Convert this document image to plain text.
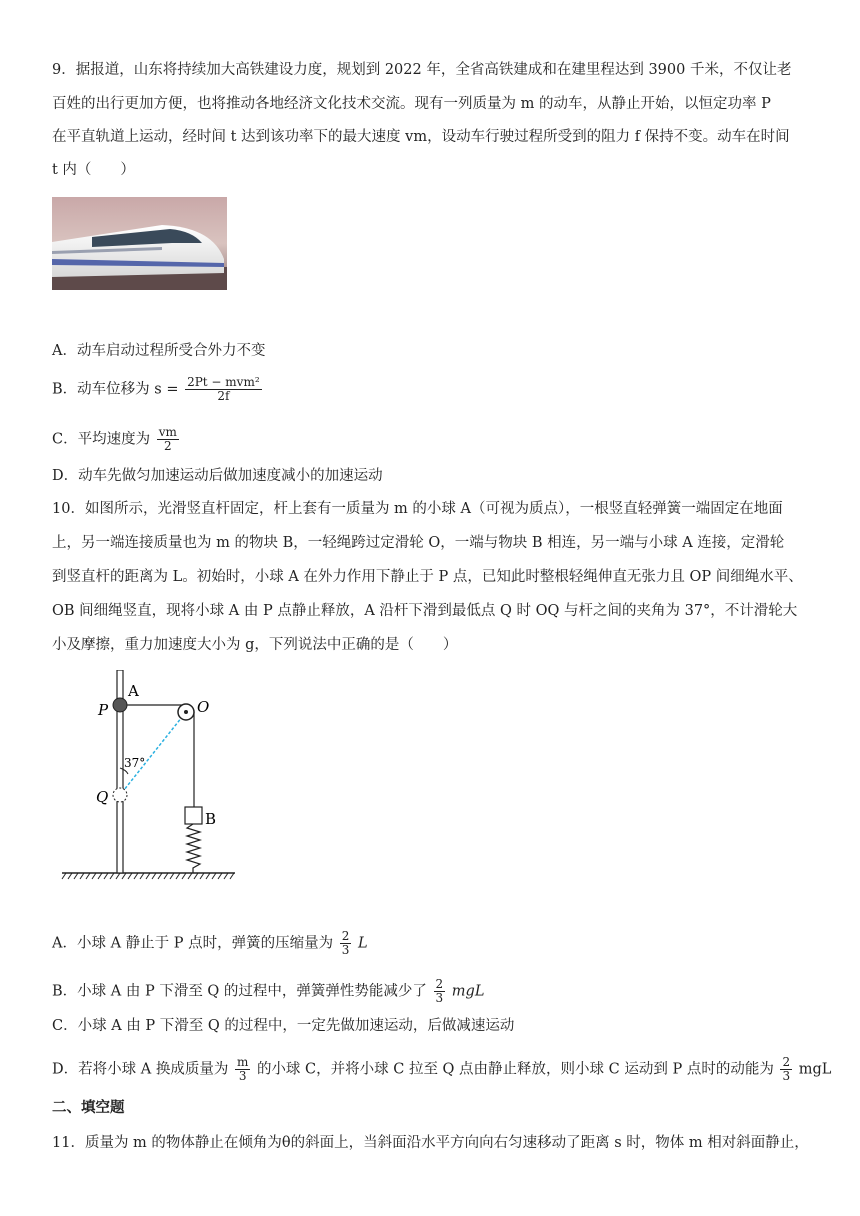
9．据报道，山东将持续加大高铁建设力度，规划到 2022 年，全省高铁建成和在建里程达到 3900 千米，不仅让老
百姓的出行更加方便，也将推动各地经济文化技术交流。现有一列质量为 m 的动车，从静止开始，以恒定功率 P
在平直轨道上运动，经时间 t 达到该功率下的最大速度 vm，设动车行驶过程所受到的阻力 f 保持不变。动车在时间
t 内（　　）
A．动车启动过程所受合外力不变
B．动车位移为 $s = \frac{\text{2Pt − mvm²}}{2f}$
C．平均速度为 $\frac{vm}{2}$
D．动车先做匀加速运动后做加速度减小的加速运动
10．如图所示，光滑竖直杆固定，杆上套有一质量为 m 的小球 A（可视为质点），一根竖直轻弹簧一端固定在地面
上，另一端连接质量也为 m 的物块 B，一轻绳跨过定滑轮 O，一端与物块 B 相连，另一端与小球 A 连接，定滑轮
到竖直杆的距离为 L。初始时，小球 A 在外力作用下静止于 P 点，已知此时整根轻绳伸直无张力且 OP 间细绳水平、
OB 间细绳竖直，现将小球 A 由 P 点静止释放，A 沿杆下滑到最低点 Q 时 OQ 与杆之间的夹角为 37°，不计滑轮大
小及摩擦，重力加速度大小为 g，下列说法中正确的是（　　）
A
P	O
37°
Q
B
A．小球 A 静止于 P 点时，弹簧的压缩量为 $\frac{2}{3}$ L
B．小球 A 由 P 下滑至 Q 的过程中，弹簧弹性势能减少了 $\frac{2}{3}$ mgL
C．小球 A 由 P 下滑至 Q 的过程中，一定先做加速运动，后做减速运动
D．若将小球 A 换成质量为 $\frac{m}{3}$ 的小球 C，并将小球 C 拉至 Q 点由静止释放，则小球 C 运动到 P 点时的动能为 $\frac{2}{3}$ mgL
二、填空题
11．质量为 m 的物体静止在倾角为θ的斜面上，当斜面沿水平方向向右匀速移动了距离 s 时，物体 m 相对斜面静止，
